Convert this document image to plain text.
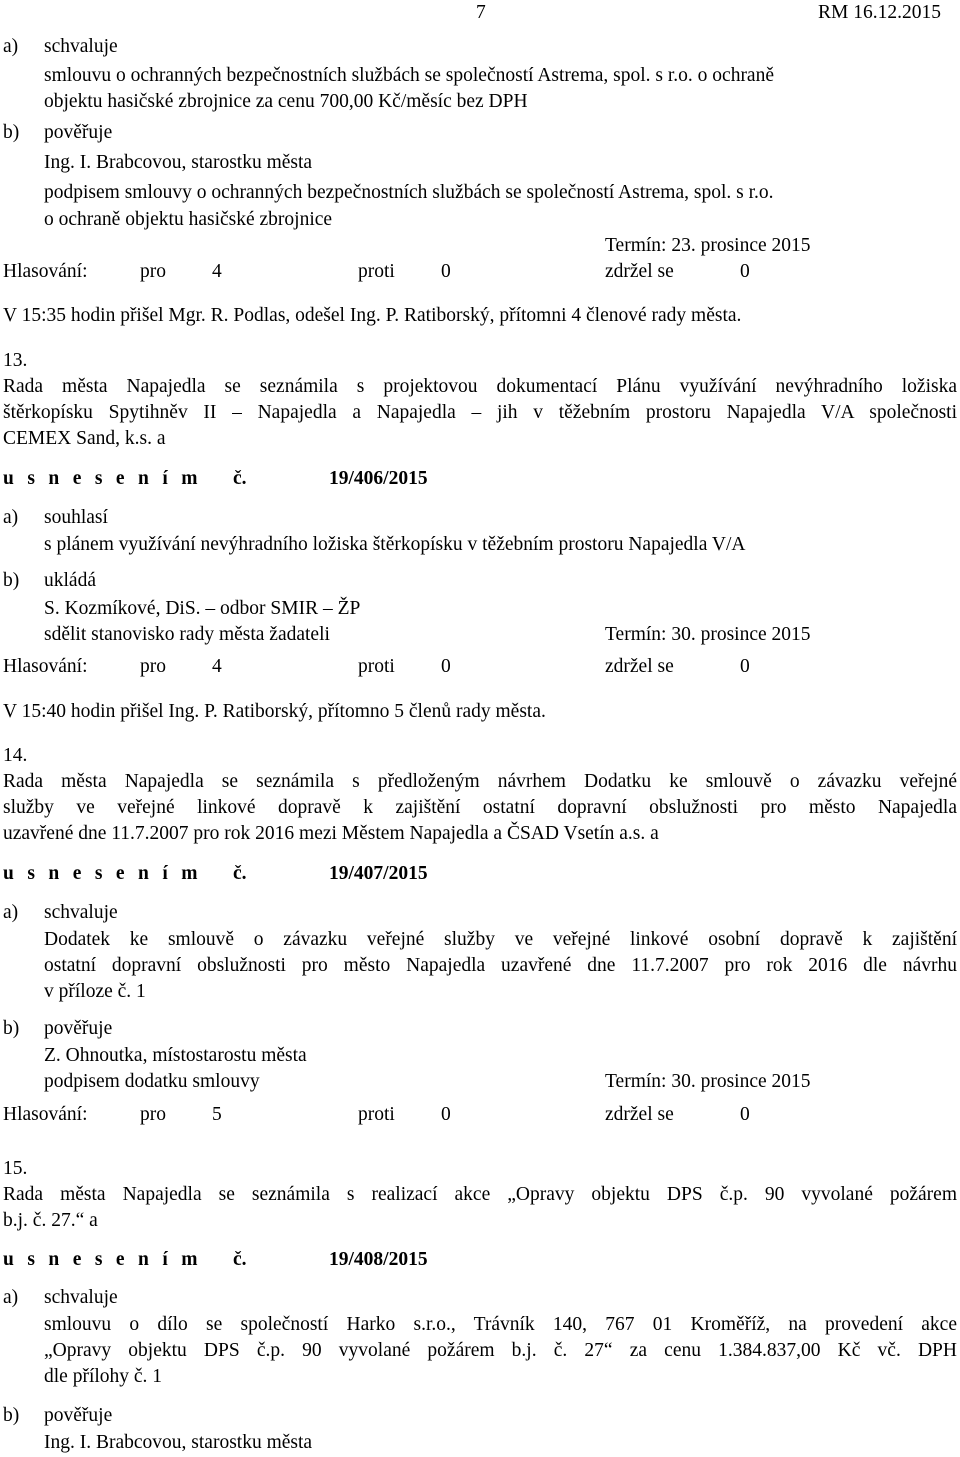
7	RM 16.12.2015
a) schvaluje
smlouvu o ochranných bezpečnostních službách se společností Astrema, spol. s r.o. o ochraně
objektu hasičské zbrojnice za cenu 700,00 Kč/měsíc bez DPH
b) pověřuje
Ing. I. Brabcovou, starostku města
podpisem smlouvy o ochranných bezpečnostních službách se společností Astrema, spol. s r.o.
o ochraně objektu hasičské zbrojnice
Termín: 23. prosince 2015
Hlasování:	pro 4	proti 0	zdržel se	0
V 15:35 hodin přišel Mgr. R. Podlas, odešel Ing. P. Ratiborský, přítomni 4 členové rady města.
13.
Rada města Napajedla se seznámila s projektovou dokumentací Plánu využívání nevýhradního ložiska
štěrkopísku Spytihněv II – Napajedla a Napajedla – jih v těžebním prostoru Napajedla V/A společnosti
CEMEX Sand, k.s. a
u s n e s e n í m č.	19/406/2015
a) souhlasí
s plánem využívání nevýhradního ložiska štěrkopísku v těžebním prostoru Napajedla V/A
b) ukládá
S. Kozmíkové, DiS. – odbor SMIR – ŽP
sdělit stanovisko rady města žadateli	Termín: 30. prosince 2015
Hlasování:	pro 4	proti 0	zdržel se	0
V 15:40 hodin přišel Ing. P. Ratiborský, přítomno 5 členů rady města.
14.
Rada města Napajedla se seznámila s předloženým návrhem Dodatku ke smlouvě o závazku veřejné
služby ve veřejné linkové dopravě k zajištění ostatní dopravní obslužnosti pro město Napajedla
uzavřené dne 11.7.2007 pro rok 2016 mezi Městem Napajedla a ČSAD Vsetín a.s. a
u s n e s e n í m č.	19/407/2015
a) schvaluje
Dodatek ke smlouvě o závazku veřejné služby ve veřejné linkové osobní dopravě k zajištění
ostatní dopravní obslužnosti pro město Napajedla uzavřené dne 11.7.2007 pro rok 2016 dle návrhu
v příloze č. 1
b) pověřuje
Z. Ohnoutka, místostarostu města
podpisem dodatku smlouvy	Termín: 30. prosince 2015
Hlasování:	pro 5	proti 0	zdržel se	0
15.
Rada města Napajedla se seznámila s realizací akce „Opravy objektu DPS č.p. 90 vyvolané požárem
b.j. č. 27.“ a
u s n e s e n í m č.	19/408/2015
a) schvaluje
smlouvu o dílo se společností Harko s.r.o., Trávník 140, 767 01 Kroměříž, na provedení akce
„Opravy objektu DPS č.p. 90 vyvolané požárem b.j. č. 27“ za cenu 1.384.837,00 Kč vč. DPH
dle přílohy č. 1
b) pověřuje
Ing. I. Brabcovou, starostku města
